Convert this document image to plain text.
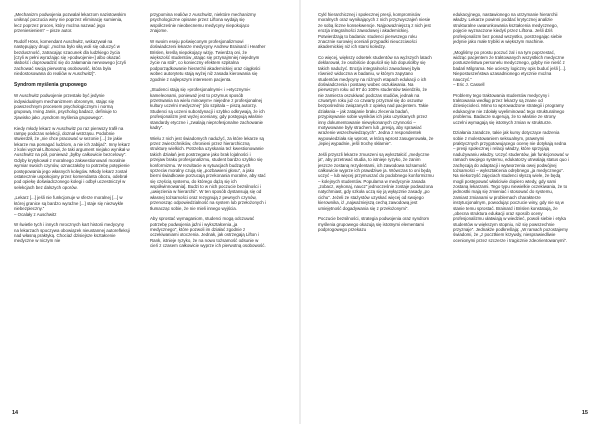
„Mechanizm podwojenia pozwalał lekarzom nazistowskim uniknąć poczucia winy nie poprzez eliminację sumienia, lecz poprzez proces, który można nazwać jego przeniesieniem” – pisze autor.

Rudolf Höss, komendant Auschwitz, wskazywał na następujący drugi: „można było siłą woli się oduczyć w bezduszność, zatracając szacunek dla ludzkiego życia [czyli w pełni wyrażając się »podwojenie«] albo okazać słabość i doprowadzić się do załamania nerwowego [czyli zachować swoją pierwotną osobowość, która była niedostosowana do realiów w Auschwitz]”.

Syndrom myślenia grupowego

W Auschwitz podwojenie przestało być jedynie indywidualnym mechanizmem obronnym, stając się powszechnym procesem psychologicznym i normą grupową. Irving Janis, psycholog badacz, definiuje to zjawisko jako „syndrom myślenia grupowego”.

Kiedy młody lekarz w Auschwitz po raz pierwszy trafił na rampę podczas selekcji, doznał wstrząsu. Podobnie stwierdził, że „nie chce pracować w sezonie [...] że jakie lekarze ma pomagać ludziom, a nie ich zabijać”. Inny lekarz z kolei wyznał Liftonowi, że taki argument niejako wynikał w Auschwitz na pół, ponieważ „byłby całkowicie bezcelowy”. Gdyby krytykował z moralnego zakwestionowań moralnie wymiar swoich czynów, oznaczałoby to potrzebę potępienie postępowania jego własnych kolegów. Młody lekarz został ostatecznie uspokojony przez komendanta obozu, odebrał pod opiekę doświadczonego kolegi i odbył uczestniczył w selekcjach bez dalszych oporów.

„Lekarz [...] jeśli nie funkcjonuje w sferze moralnej [...] w której granice są bardzo wyraźne [...] staje się niezwykle niebezpieczny.”

– Ocalały z Auschwitz

W świetle tych i innych mrocznych kart historii medycyny na lekarzach spoczywa obowiązek nieustannej autorefleksji nad własną praktyką. Chociaż dzisiejsze kształcenie medyczne w niczym nie

przypomina realiów z Auschwitz, niektóre mechanizmy psychologiczne opisane przez Liftona wydają się współcześnie nieobecnemu medycyny niepokojąco znajome.

W swoim eseju poświęconym profesjonalizmowi doświadczeni lekarze medycyny Andrew Brainard i Heather Brislen, kreślą niepokojący wizję. Twierdzą oni, że większość studentów „stając się przynajmniej niejednym życie na stół”, co konieczny efektem szpitalna podporządkowanie hierarchii akademickiej oraz ciągłości wobec autorytetu stają wyżej niż zasada kierowania się zgodnie z najlepszym interesem pacjenta.

„Studenci stają się »profesjonalnymi« i »etycznymi« kameleonami, ponieważ jest to przymus sposób przetrwania na wielu minowym« niejedne z profesjonalnej kultury uczelni medycznej” (do szpitala – piszą autorzy. Studenci są uczeni subordynacji i szybko odkrywają, że ich profesjonalizm jest wyżej oceniany, gdy postępują właśnie standardy etyczne i „zwalają nieprofesjonalne zachowanie kadry”.

Wielu z nich jest świadomych nadużyć, za które lekarze są przez zwierzchników, chronieni przez hierarchiczną strukturę wielkich. Potrzeba uzyskania też kwestionowanie takich działań jest postrzegane jako brak lojalności i przejaw braku profesjonalizmu, student bardzo szybko się konformizmu. W rezultacie w sytuacjach budzących sprzeciw moralny czują się „pozbawieni głosu”, a jako bierni świadkowie porzucają przekonania moralne, aby stać się częścią systemu, do którego dążą się ich współwinnowania]. Budzi to w nich poczucie bezsilności i „uwięzienia w hierarchii”. W ten sposób dystansują się od własnej tożsamości oraz rezygnują z pewnych czynów, przenosząc odpowiedzialność na system lub przełożonych i tłumacząc sobie, że nie mieli innego wyjścia.

Aby sprostać wymaganiom, studenci mogą odczuwać potrzebę podwojenia jaźni i wykształcenia „ja medycznego”, które pozwoli im działać zgodnie z oczekiwaniami otoczenia. Jednak, jak ostrzegają Lifton i Rank, istnieje ryzyko, że na nowo tożsamość odsunie w cień z czasem całkowicie wyprze ich pierwotną osobowość.

Cykl hierarchicznej i społecznej presji, kompromisów moralnych oraz wynikających z nich przyzwyczajeń niesie ze sobą liczne konsekwencje. Najpoważniejszą z nich jest erozja integralności zawodowej i akademickiej. Potwierdzają to badania: studenci pierwszego roku znacznie surowiej oceniali przypadki nieuczciwości akademickiej niż ich starsi koledzy.

Co więcej, większy odsetek studentów na wyższych latach deklarował, że osobiście dopuścił się lub dopuściłby się takich nadużyć. Erozja integralności zawodowej była również widoczna w badaniu, w którym zapytano studentów medycyny na różnych etapach edukacji o ich doświadczenia i postawy wobec oszukiwania. Na pierwszym roku od 97 do 100% studentów twierdziło, że nie zamierza oszukiwać podczas studiów, jednak na czwartym roku już co czwarty przyznał się do oszustw bezpośrednio związanych z opieką nad pacjentem. Takie działania – jak zatajanie braku zlecenia badań, przypisywanie sobie wyników ich jako uzyskanych przez inny dokumentowanie niewykonanych czynności – motywowane były strachem lub „presją, aby sprawiać wrażenie wszechwiedzących”. Jedna z respondentek wypowiedziała się wprost, w którą wprost zasugerowała, że „lepiej wypadnie, jeśli trochę skłamie”.

Jeśli przyszli lekarze zmuszeni są wykształcić „medyczne ja”, aby przetrwać studia, to istnieje ryzyko, że zanim jeszcze zostaną rezydentami, ich zawodowa tożsamość całkowicie wyprze ich prawdziwe ja. Wówczas to oni będą uczyć – lub więcej przymuszać do podobnego konformizmu – kolejnych studentów. Popularna w medycynie zasada „zobacz, wykonaj, naucz” jednocześnie zostaje podważona natychmiast, gdy szkoła uczą się ją wyłącznie zasady „po cichu”. Jeżeli ze stażystów uzyskać więcej od swojego kierownika, iż „najważniejszą cechą zawodową jest umiejętność dogadywania się z przełożonymi”.

Poczucie bezsilności, strategia podwojenia oraz syndrom myślenia grupowego okazują się istotnymi elementami podprogowego przekazu

edukacyjnego, nastawionego na utrzymanie hierarchii władzy. Lekarze powinni poddać krytycznej analizie strukturalne uwarunkowania kształcenia medycznego, pojęcie wyznaczone kiedyś przez Liftona. Jeśli dziś profesjonalizm bez ponad wszystko, postrzegając siebie jedynie jako małe trybiki w większym machinie.

„Mogliśmy po prostu poczuć żal i na tym poprzestać, widząc pacjentem że traktowanych wszystkich medyczne postuszeństwa personelu medycznego, gdyby nie nieść z badań Milgrama. Nie ucieszy logiczny opis buduć jeśli [...]. Niepostuszeństwa uzasadnionego etycznie można nauczyć.”

– Eric J. Cassell

Problemy tego traktowania studentów medycyny i traktowania według przez lekarzy są znane od dziesięcioleci. Mimo to wprowadzone strategii i programy edukacyjne nie zdołały wyeliminować tego strukturalnego problemu. Badacze sugerują, że to właśnie ze strony uczelni wymagają się istotnych zmian w strukturze.

Działania zaradcze, takie jak kursy dotyczące radzenia sobie z molestowaniem seksualnym, prawnymi praktycznych przygotowującego ocenę nie dotykają sedna – presji społecznej i relacji władzy, które sprzyjają nadużywaniu władzy. Uczyć studentów, jak funkcjonować w ramach swojego systemu, edukatorzy utrwalają status quo i zachęcają do adaptacji i wytworzenia owej podwójnej tożsamości – wykształcenia odrębnego „ja medycznego”. Na niekorzyść zajęciach studenci słyszą wiele, że będą mogli postępować właściwie dopiero wtedy, gdy sami zostaną lekarzami. Tego typu niewielkie oczekiwania, że to jednostki mają się zmieniać i stosować do systemu, zamiast zmianami w problemach charakterze instytucjonalnym, powodując poczucie winy, gdy nie są w stanie temu sprostać. Brainard i Brislen konstatują, że „obecna struktura edukacji oraz sposób oceny profesjonalizmu ułatwiają w wiedzieć, powoli siebie i etyka studentów w większym stopniu, niż się powszechnie przyznaje”. Jednakże podkreślają: „W ramach pozostajemy świadomi, że „z pocztkiem krzywdy, niesprawiedliwie ocenionymi przez szczerze i tragicznie zdeorientowanymi”.

14	15
